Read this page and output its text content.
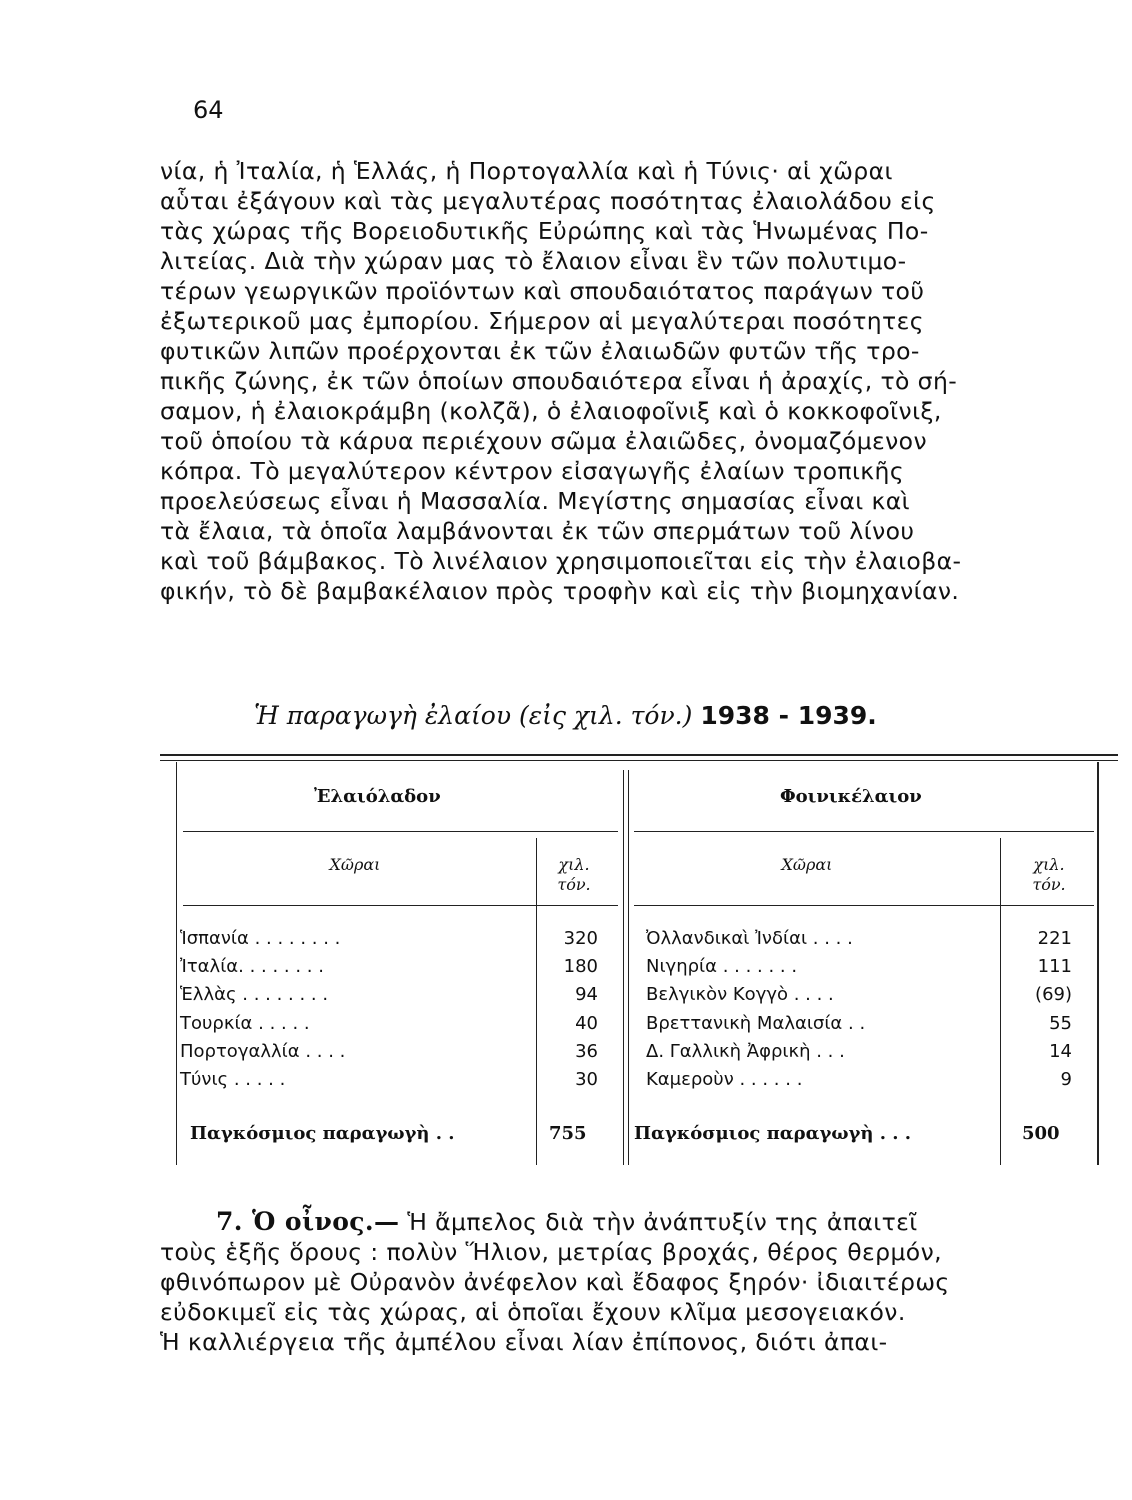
64
νία, ἡ Ἰταλία, ἡ Ἑλλάς, ἡ Πορτογαλλία καὶ ἡ Τύνις· αἱ χῶραι
αὗται ἐξάγουν καὶ τὰς μεγαλυτέρας ποσότητας ἐλαιολάδου εἰς
τὰς χώρας τῆς Βορειοδυτικῆς Εὐρώπης καὶ τὰς Ἡνωμένας Πο-
λιτείας. Διὰ τὴν χώραν μας τὸ ἔλαιον εἶναι ἓν τῶν πολυτιμο-
τέρων γεωργικῶν προϊόντων καὶ σπουδαιότατος παράγων τοῦ
ἐξωτερικοῦ μας ἐμπορίου. Σήμερον αἱ μεγαλύτεραι ποσότητες
φυτικῶν λιπῶν προέρχονται ἐκ τῶν ἐλαιωδῶν φυτῶν τῆς τρο-
πικῆς ζώνης, ἐκ τῶν ὁποίων σπουδαιότερα εἶναι ἡ ἀραχίς, τὸ σή-
σαμον, ἡ ἐλαιοκράμβη (κολζᾶ), ὁ ἐλαιοφοῖνιξ καὶ ὁ κοκκοφοῖνιξ,
τοῦ ὁποίου τὰ κάρυα περιέχουν σῶμα ἐλαιῶδες, ὀνομαζόμενον
κόπρα. Τὸ μεγαλύτερον κέντρον εἰσαγωγῆς ἐλαίων τροπικῆς
προελεύσεως εἶναι ἡ Μασσαλία. Μεγίστης σημασίας εἶναι καὶ
τὰ ἔλαια, τὰ ὁποῖα λαμβάνονται ἐκ τῶν σπερμάτων τοῦ λίνου
καὶ τοῦ βάμβακος. Τὸ λινέλαιον χρησιμοποιεῖται εἰς τὴν ἐλαιοβα-
φικήν, τὸ δὲ βαμβακέλαιον πρὸς τροφὴν καὶ εἰς τὴν βιομηχανίαν.
Ἡ παραγωγὴ ἐλαίου (εἰς χιλ. τόν.) 1938 - 1939.
Ἐλαιόλαδον
Χῶραι	χιλ.
τόν.
Ἱσπανία . . . . . . . .	320
Ἰταλία. . . . . . . .	180
Ἑλλὰς . . . . . . . .	94
Τουρκία . . . . .	40
Πορτογαλλία . . . .	36
Τύνις . . . . .	30
Παγκόσμιος παραγωγὴ . .	755
Φοινικέλαιον
Χῶραι	χιλ.
τόν.
Ὀλλανδικαὶ Ἰνδίαι . . . .	221
Νιγηρία . . . . . . .	111
Βελγικὸν Κογγὸ . . . .	(69)
Βρεττανικὴ Μαλαισία . .	55
Δ. Γαλλικὴ Ἀφρικὴ . . .	14
Καμεροὺν . . . . . .	9
Παγκόσμιος παραγωγὴ . . .	500
7. Ὁ οἶνος.— Ἡ ἄμπελος διὰ τὴν ἀνάπτυξίν της ἀπαιτεῖ
τοὺς ἑξῆς ὅρους : πολὺν Ἥλιον, μετρίας βροχάς, θέρος θερμόν,
φθινόπωρον μὲ Οὐρανὸν ἀνέφελον καὶ ἔδαφος ξηρόν· ἰδιαιτέρως
εὐδοκιμεῖ εἰς τὰς χώρας, αἱ ὁποῖαι ἔχουν κλῖμα μεσογειακόν.
Ἡ καλλιέργεια τῆς ἀμπέλου εἶναι λίαν ἐπίπονος, διότι ἀπαι-
